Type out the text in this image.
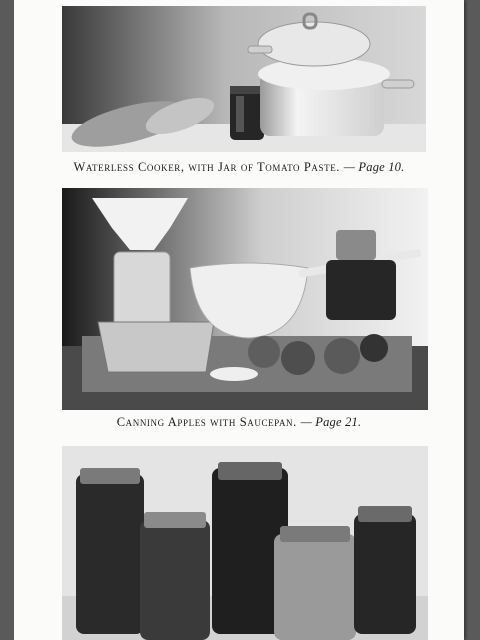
Waterless Cooker, with Jar of Tomato Paste. — Page 10.
Canning Apples with Saucepan. — Page 21.
